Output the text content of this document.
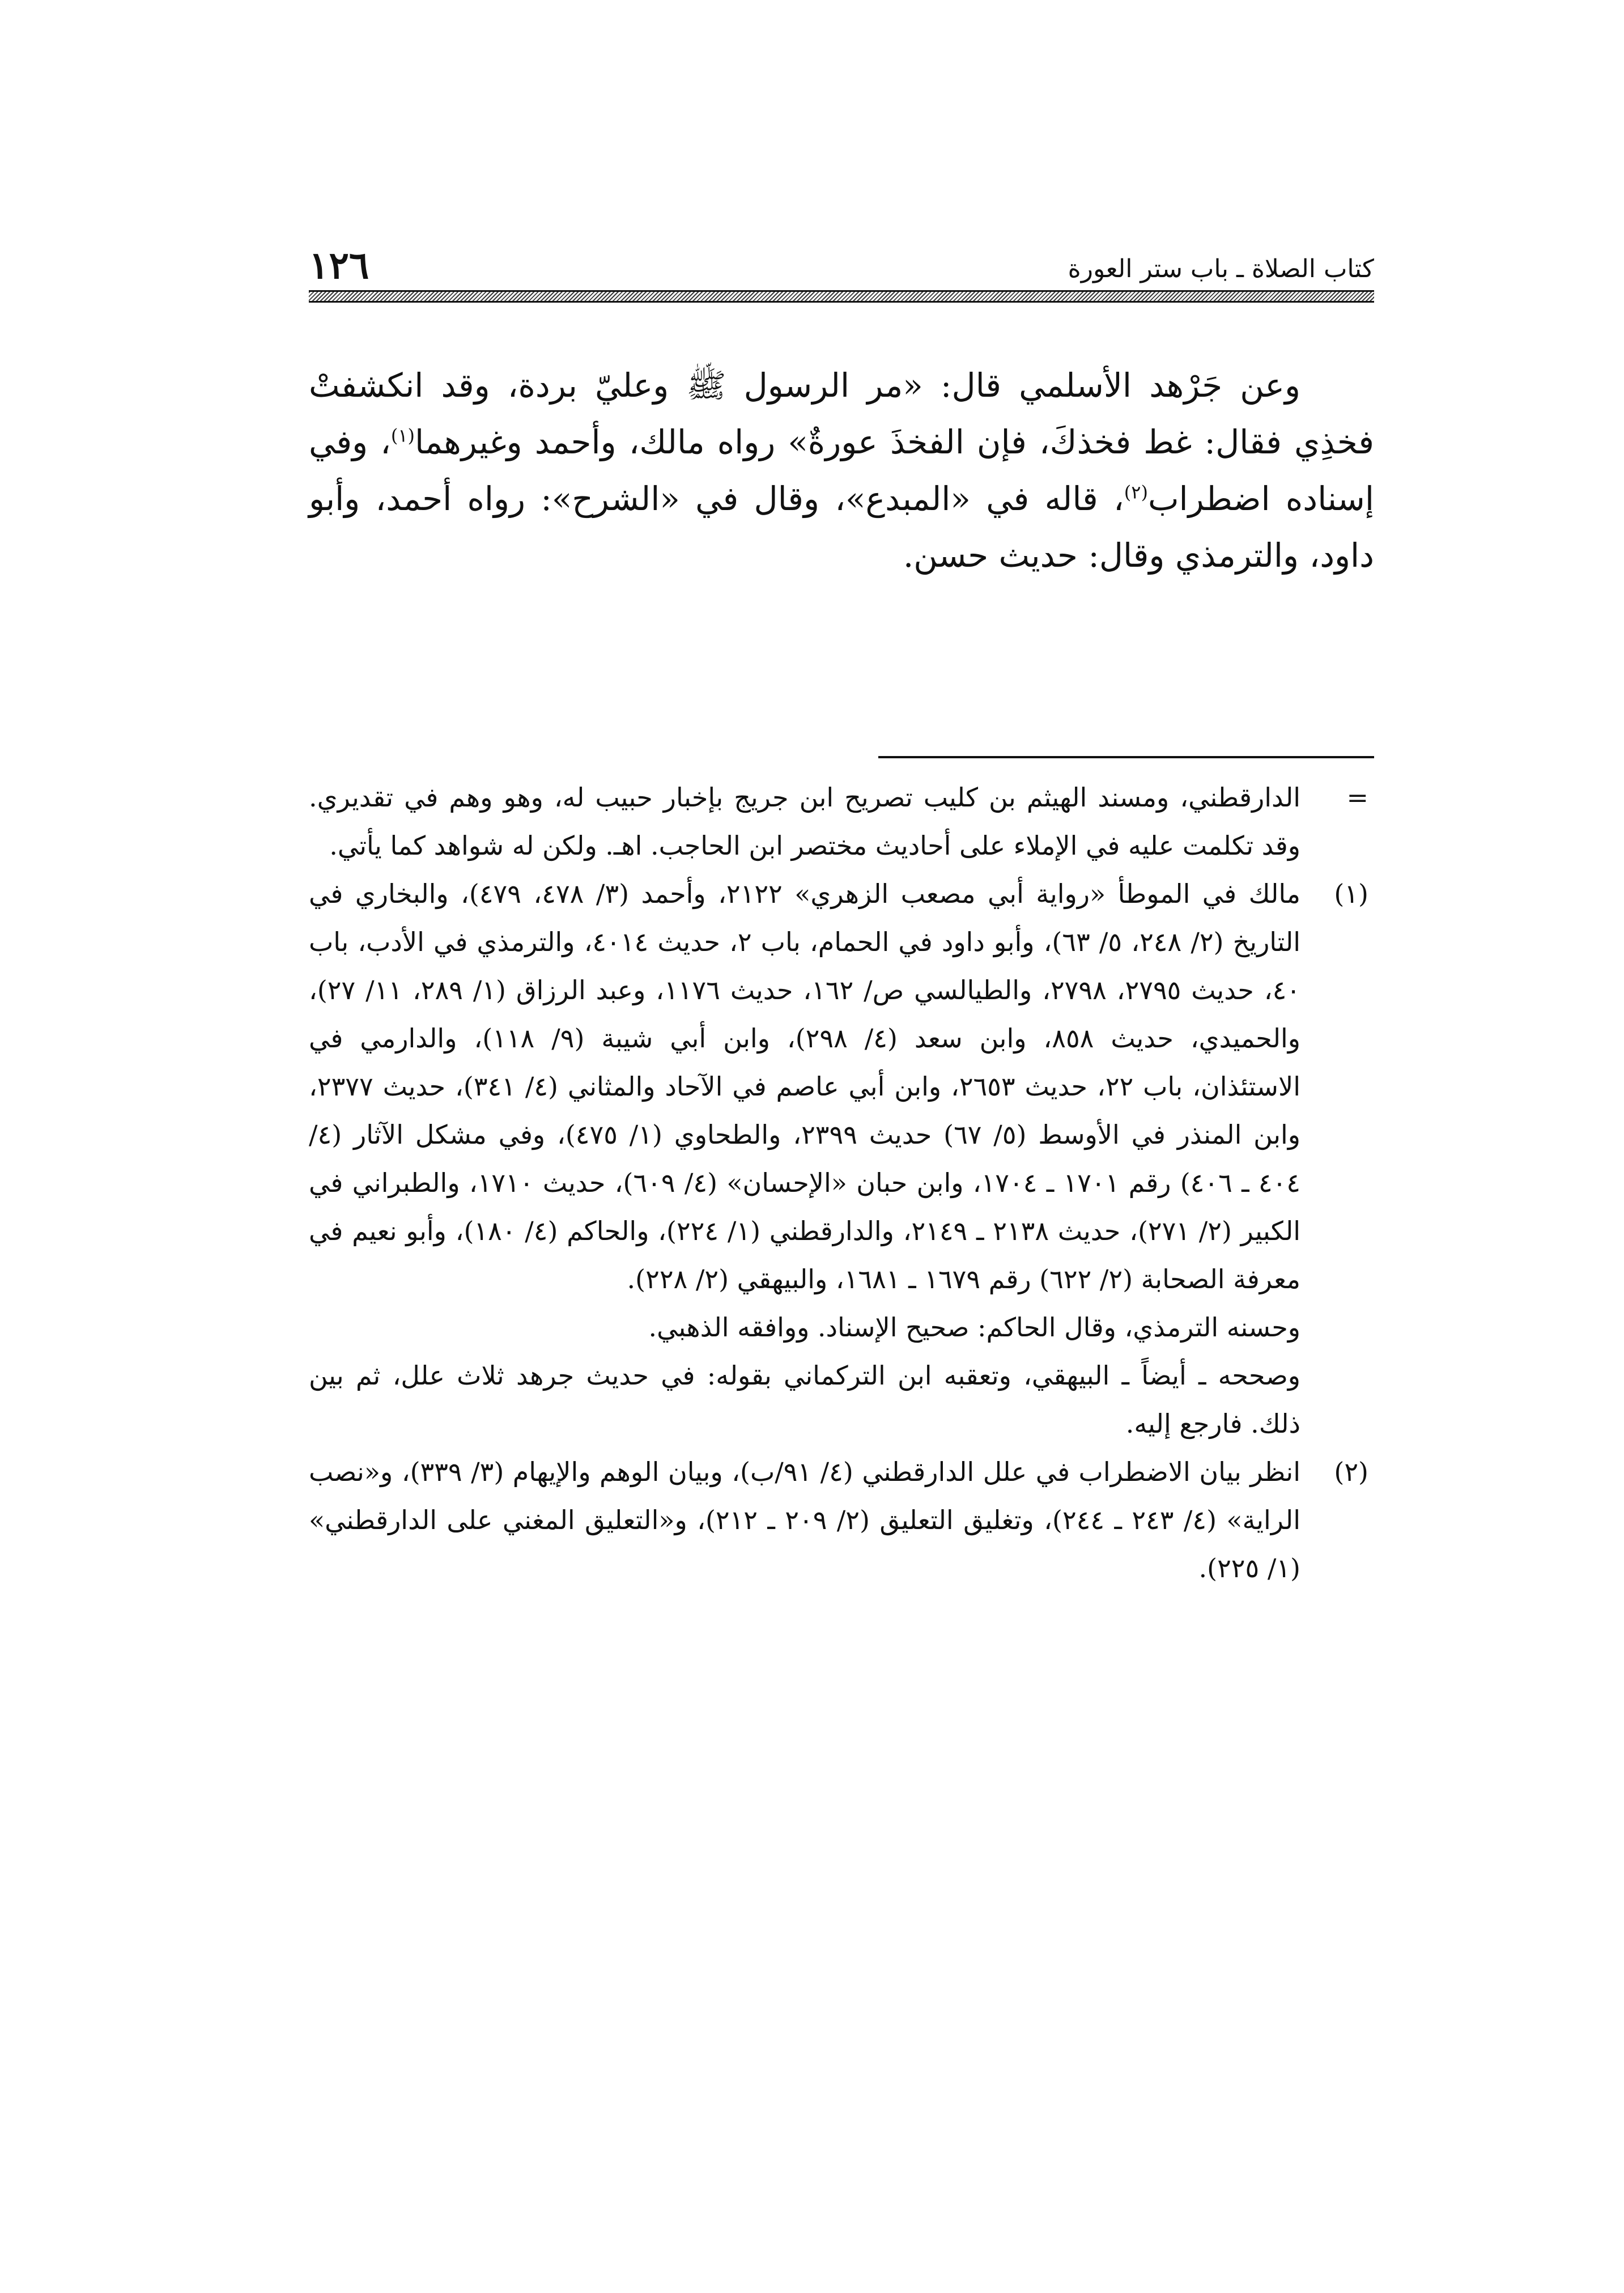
١٢٦	كتاب الصلاة ـ باب ستر العورة

وعن جَرْهد الأسلمي قال: «مر الرسول ﷺ وعليّ بردة، وقد انكشفتْ فخذِي فقال: غط فخذكَ، فإن الفخذَ عورةٌ» رواه مالك، وأحمد وغيرهما$^{(١)}$، وفي إسناده اضطراب$^{(٢)}$، قاله في «المبدع»، وقال في «الشرح»: رواه أحمد، وأبو داود، والترمذي وقال: حديث حسن.

=
الدارقطني، ومسند الهيثم بن كليب تصريح ابن جريج بإخبار حبيب له، وهو وهم في تقديري. وقد تكلمت عليه في الإملاء على أحاديث مختصر ابن الحاجب. اهـ. ولكن له شواهد كما يأتي.
(١)
مالك في الموطأ «رواية أبي مصعب الزهري» ٢١٢٢، وأحمد (٣/ ٤٧٨، ٤٧٩)، والبخاري في التاريخ (٢/ ٢٤٨، ٥/ ٦٣)، وأبو داود في الحمام، باب ٢، حديث ٤٠١٤، والترمذي في الأدب، باب ٤٠، حديث ٢٧٩٥، ٢٧٩٨، والطيالسي ص/ ١٦٢، حديث ١١٧٦، وعبد الرزاق (١/ ٢٨٩، ١١/ ٢٧)، والحميدي، حديث ٨٥٨، وابن سعد (٤/ ٢٩٨)، وابن أبي شيبة (٩/ ١١٨)، والدارمي في الاستئذان، باب ٢٢، حديث ٢٦٥٣، وابن أبي عاصم في الآحاد والمثاني (٤/ ٣٤١)، حديث ٢٣٧٧، وابن المنذر في الأوسط (٥/ ٦٧) حديث ٢٣٩٩، والطحاوي (١/ ٤٧٥)، وفي مشكل الآثار (٤/ ٤٠٤ ـ ٤٠٦) رقم ١٧٠١ ـ ١٧٠٤، وابن حبان «الإحسان» (٤/ ٦٠٩)، حديث ١٧١٠، والطبراني في الكبير (٢/ ٢٧١)، حديث ٢١٣٨ ـ ٢١٤٩، والدارقطني (١/ ٢٢٤)، والحاكم (٤/ ١٨٠)، وأبو نعيم في معرفة الصحابة (٢/ ٦٢٢) رقم ١٦٧٩ ـ ١٦٨١، والبيهقي (٢/ ٢٢٨).
وحسنه الترمذي، وقال الحاكم: صحيح الإسناد. ووافقه الذهبي.
وصححه ـ أيضاً ـ البيهقي، وتعقبه ابن التركماني بقوله: في حديث جرهد ثلاث علل، ثم بين ذلك. فارجع إليه.
(٢)
انظر بيان الاضطراب في علل الدارقطني (٤/ ٩١/ب)، وبيان الوهم والإيهام (٣/ ٣٣٩)، و«نصب الراية» (٤/ ٢٤٣ ـ ٢٤٤)، وتغليق التعليق (٢/ ٢٠٩ ـ ٢١٢)، و«التعليق المغني على الدارقطني» (١/ ٢٢٥).
